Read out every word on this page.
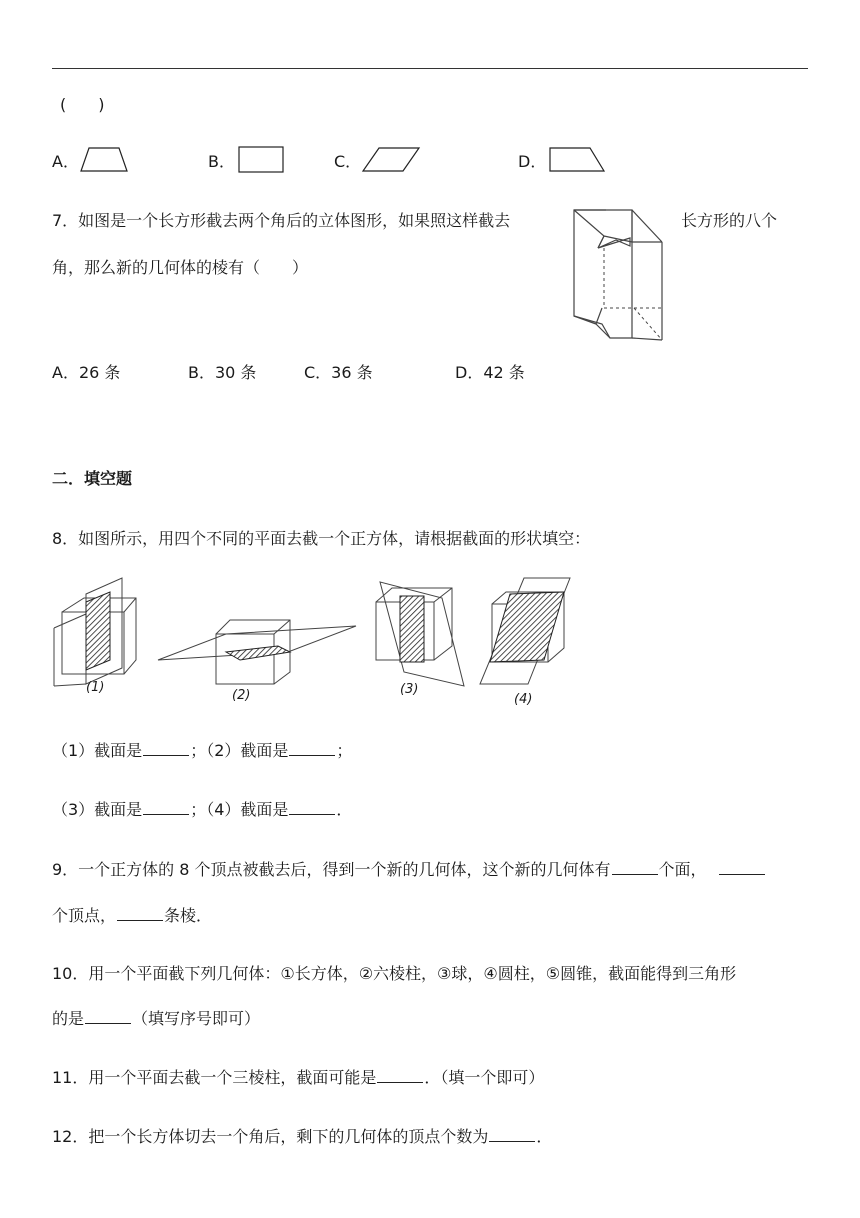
(　　)
A．	B．	C．	D．
7．如图是一个长方形截去两个角后的立体图形，如果照这样截去	长方形的八个
角，那么新的几何体的棱有（　　）
A．26 条	B．30 条	C．36 条	D．42 条
二．填空题
8．如图所示，用四个不同的平面去截一个正方体，请根据截面的形状填空：
(1)
(2)	(3)
(4)
（1）截面是	；（2）截面是	；
（3）截面是	；（4）截面是	．
9．一个正方体的 8 个顶点被截去后，得到一个新的几何体，这个新的几何体有	个面，
个顶点，	条棱．
10．用一个平面截下列几何体：①长方体，②六棱柱，③球，④圆柱，⑤圆锥，截面能得到三角形
的是	（填写序号即可）
11．用一个平面去截一个三棱柱，截面可能是	．（填一个即可）
12．把一个长方体切去一个角后，剩下的几何体的顶点个数为	．
